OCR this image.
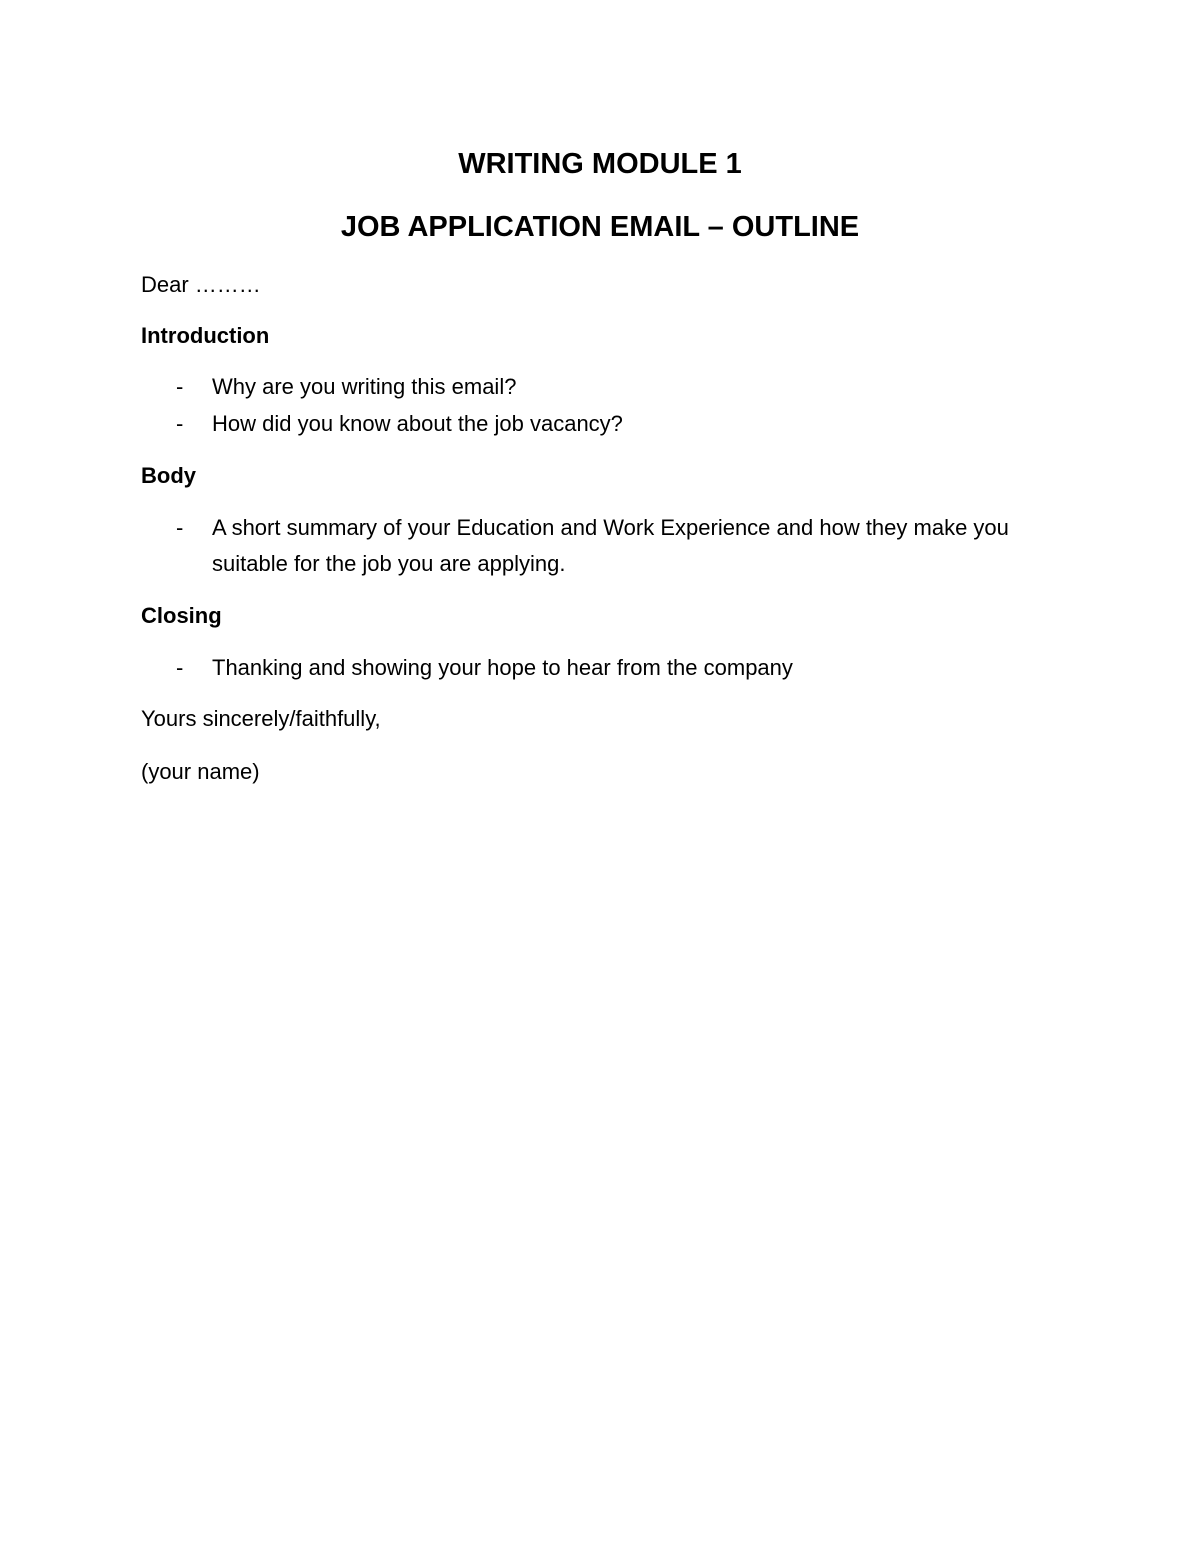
WRITING MODULE 1
JOB APPLICATION EMAIL – OUTLINE

Dear ………

Introduction

- Why are you writing this email?
- How did you know about the job vacancy?

Body

- A short summary of your Education and Work Experience and how they make you suitable for the job you are applying.

Closing

- Thanking and showing your hope to hear from the company

Yours sincerely/faithfully,

(your name)
